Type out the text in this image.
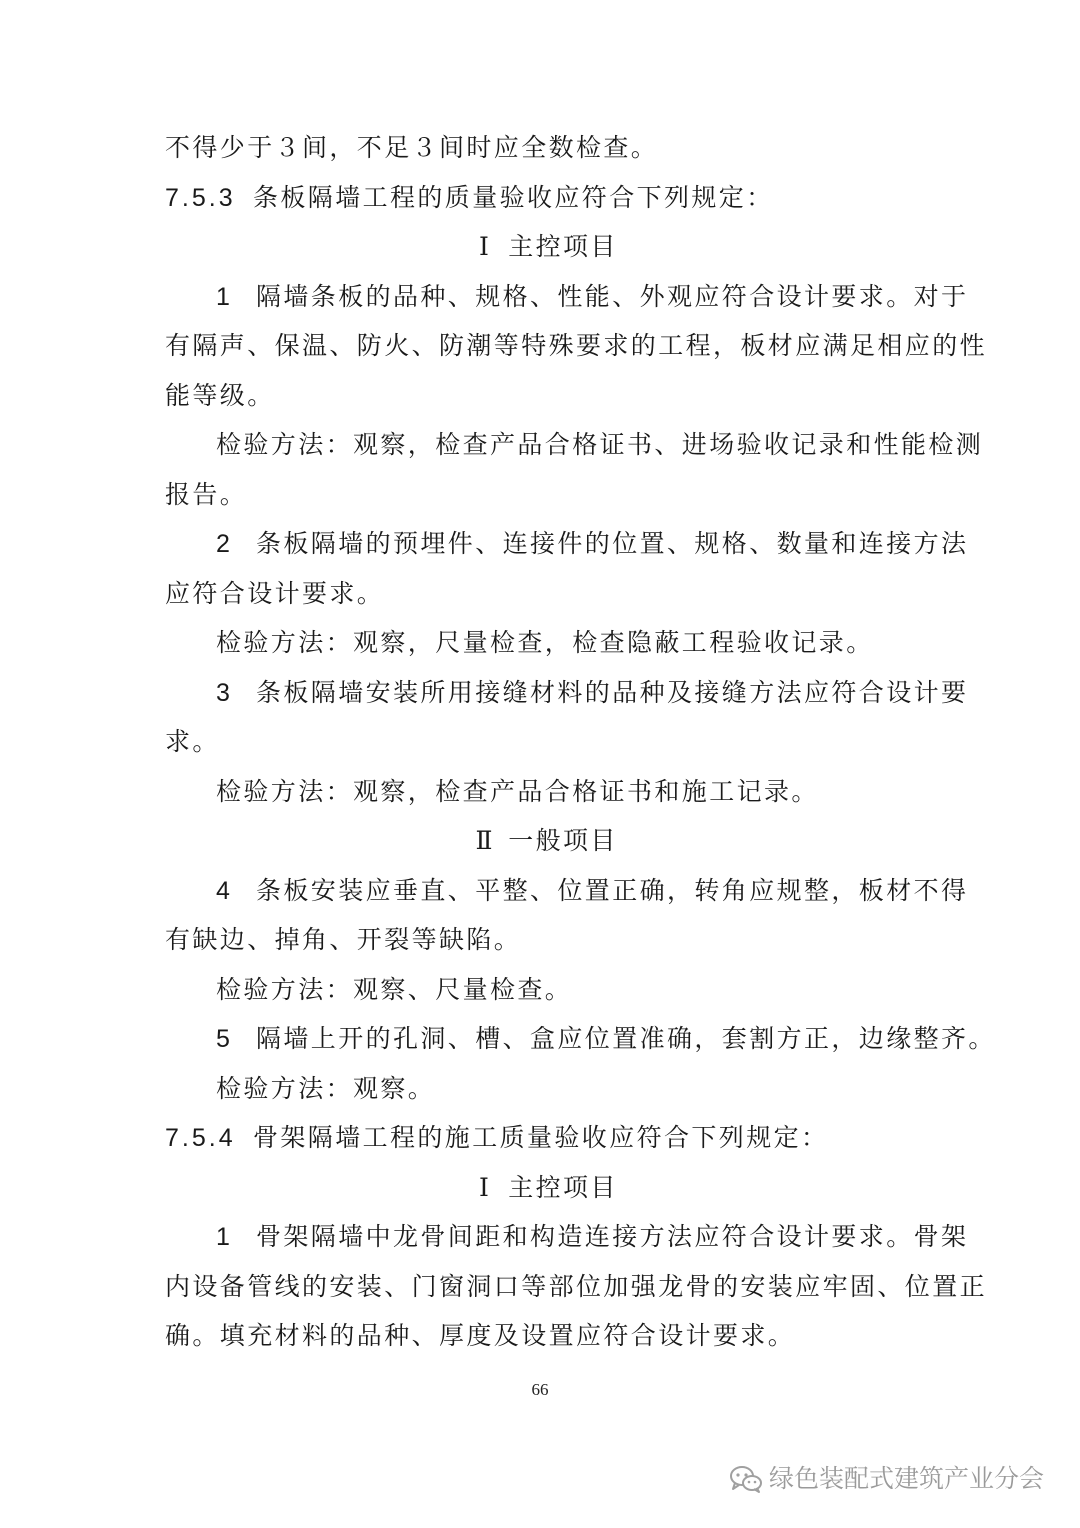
不得少于３间，不足３间时应全数检查。
7.5.3 条板隔墙工程的质量验收应符合下列规定：
Ⅰ 主控项目
1 隔墙条板的品种、规格、性能、外观应符合设计要求。对于
有隔声、保温、防火、防潮等特殊要求的工程，板材应满足相应的性
能等级。
检验方法：观察，检查产品合格证书、进场验收记录和性能检测
报告。
2 条板隔墙的预埋件、连接件的位置、规格、数量和连接方法
应符合设计要求。
检验方法：观察，尺量检查，检查隐蔽工程验收记录。
3 条板隔墙安装所用接缝材料的品种及接缝方法应符合设计要
求。
检验方法：观察，检查产品合格证书和施工记录。
Ⅱ 一般项目
4 条板安装应垂直、平整、位置正确，转角应规整，板材不得
有缺边、掉角、开裂等缺陷。
检验方法：观察、尺量检查。
5 隔墙上开的孔洞、槽、盒应位置准确，套割方正，边缘整齐。
检验方法：观察。
7.5.4 骨架隔墙工程的施工质量验收应符合下列规定：
Ⅰ 主控项目
1 骨架隔墙中龙骨间距和构造连接方法应符合设计要求。骨架
内设备管线的安装、门窗洞口等部位加强龙骨的安装应牢固、位置正
确。填充材料的品种、厚度及设置应符合设计要求。
66
绿色装配式建筑产业分会
